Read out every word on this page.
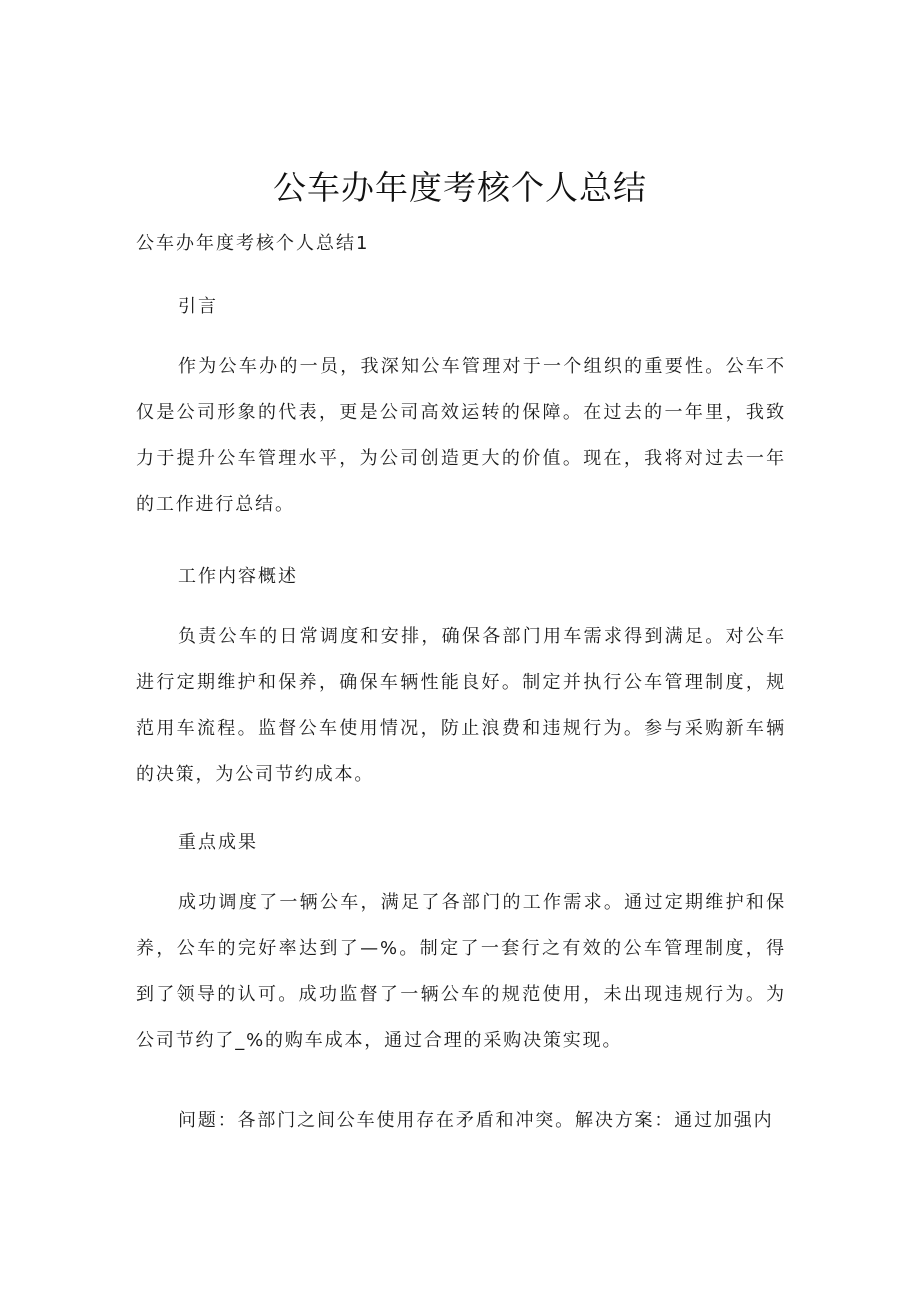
公车办年度考核个人总结
公车办年度考核个人总结1
引言

作为公车办的一员，我深知公车管理对于一个组织的重要性。公车不仅是公司形象的代表，更是公司高效运转的保障。在过去的一年里，我致力于提升公车管理水平，为公司创造更大的价值。现在，我将对过去一年的工作进行总结。

工作内容概述

负责公车的日常调度和安排，确保各部门用车需求得到满足。对公车进行定期维护和保养，确保车辆性能良好。制定并执行公车管理制度，规范用车流程。监督公车使用情况，防止浪费和违规行为。参与采购新车辆的决策，为公司节约成本。

重点成果

成功调度了一辆公车，满足了各部门的工作需求。通过定期维护和保养，公车的完好率达到了—%。制定了一套行之有效的公车管理制度，得到了领导的认可。成功监督了一辆公车的规范使用，未出现违规行为。为公司节约了_%的购车成本，通过合理的采购决策实现。

问题：各部门之间公车使用存在矛盾和冲突。解决方案：通过加强内
